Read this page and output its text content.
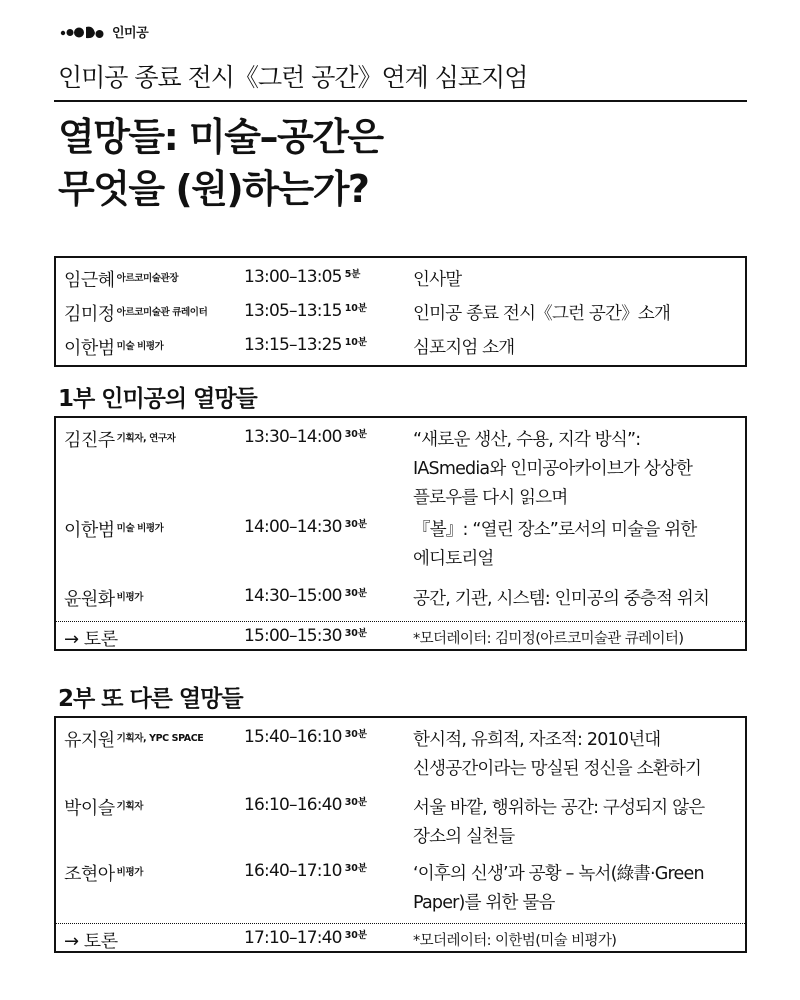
인미공
인미공 종료 전시《그런 공간》연계 심포지엄
열망들: 미술–공간은
무엇을 (원)하는가?
임근혜 $^{아르코미술관장}$	13:00–13:05 $^{5분}$	인사말
김미정 $^{아르코미술관 큐레이터}$ 13:05–13:15 $^{10분}$	인미공 종료 전시《그런 공간》소개
이한범 $^{미술 비평가}$	13:15–13:25 $^{10분}$	심포지엄 소개
1부 인미공의 열망들
김진주 $^{기획자, 연구자}$	13:30–14:00 $^{30분}$	“새로운 생산, 수용, 지각 방식”:
IASmedia와 인미공아카이브가 상상한
플로우를 다시 읽으며
이한범 $^{미술 비평가}$	14:00–14:30 $^{30분}$	『볼』: “열린 장소”로서의 미술을 위한
에디토리얼
윤원화 $^{비평가}$	14:30–15:00 $^{30분}$	공간, 기관, 시스템: 인미공의 중층적 위치
→ 토론	15:00–15:30 $^{30분}$	*모더레이터: 김미정(아르코미술관 큐레이터)
2부 또 다른 열망들
유지원 $^{기획자, YPC SPACE}$ 15:40–16:10 $^{30분}$	한시적, 유희적, 자조적: 2010년대
신생공간이라는 망실된 정신을 소환하기
박이슬 $^{기획자}$	16:10–16:40 $^{30분}$	서울 바깥, 행위하는 공간: 구성되지 않은
장소의 실천들
조현아 $^{비평가}$	16:40–17:10 $^{30분}$	‘이후의 신생’과 공황 – 녹서(綠書·Green
Paper)를 위한 물음
→ 토론	17:10–17:40 $^{30분}$	*모더레이터: 이한범(미술 비평가)
